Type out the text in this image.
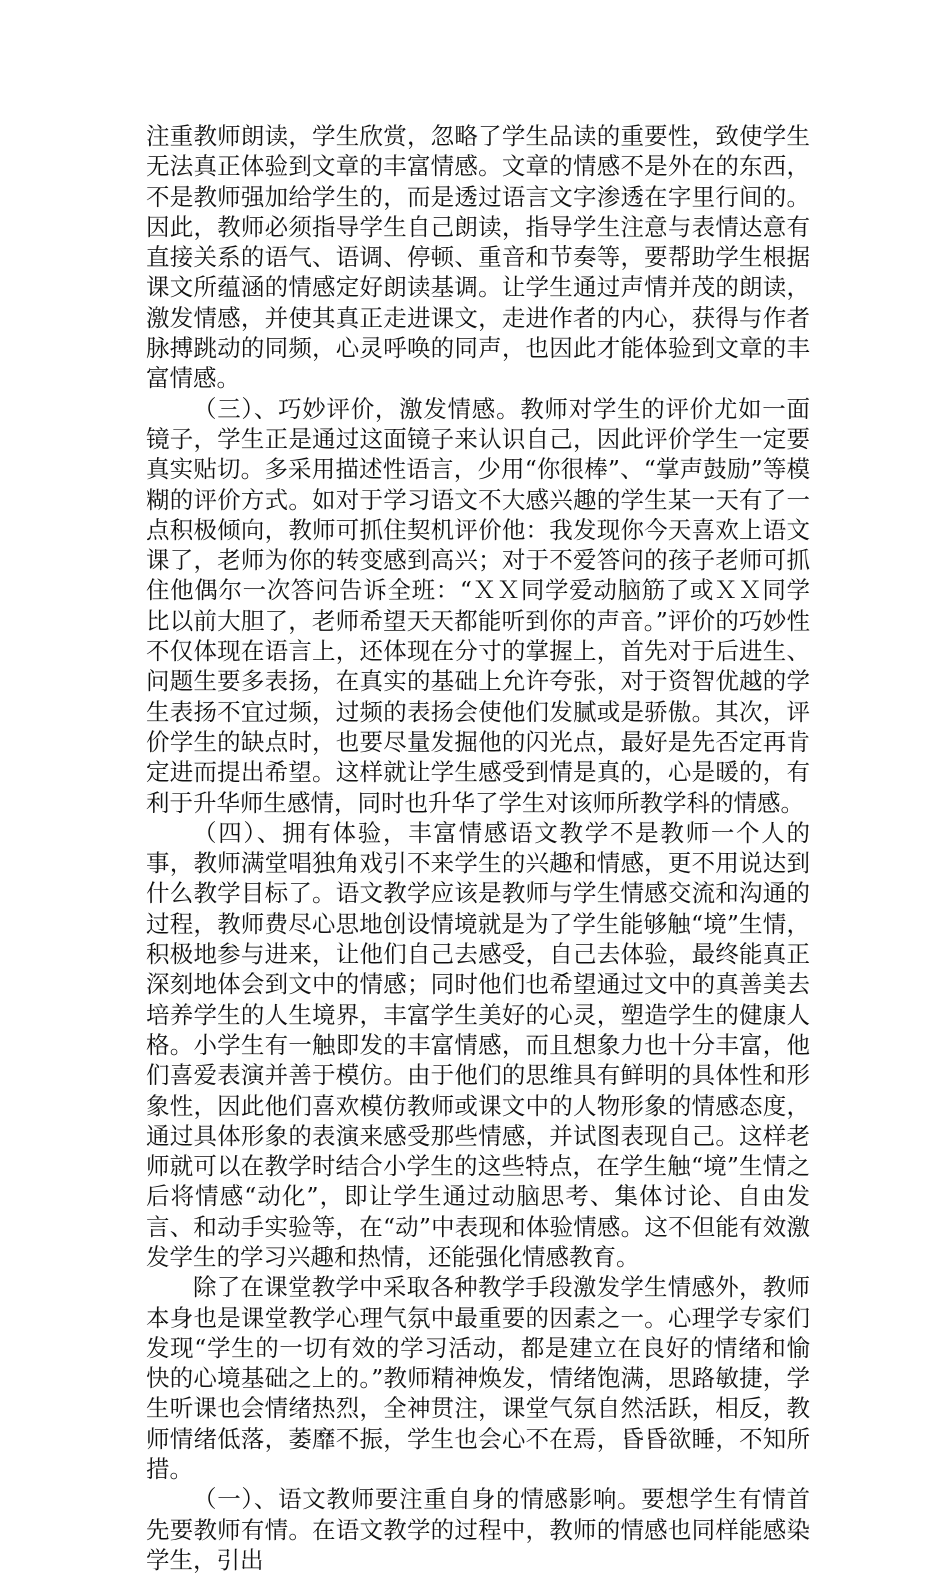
注重教师朗读，学生欣赏，忽略了学生品读的重要性，致使学生无法真正体验到文章的丰富情感。文章的情感不是外在的东西，不是教师强加给学生的，而是透过语言文字渗透在字里行间的。因此，教师必须指导学生自己朗读，指导学生注意与表情达意有直接关系的语气、语调、停顿、重音和节奏等，要帮助学生根据课文所蕴涵的情感定好朗读基调。让学生通过声情并茂的朗读，激发情感，并使其真正走进课文，走进作者的内心，获得与作者脉搏跳动的同频，心灵呼唤的同声，也因此才能体验到文章的丰富情感。

（三）、巧妙评价，激发情感。教师对学生的评价尤如一面镜子，学生正是通过这面镜子来认识自己，因此评价学生一定要真实贴切。多采用描述性语言，少用“你很棒”、“掌声鼓励”等模糊的评价方式。如对于学习语文不大感兴趣的学生某一天有了一点积极倾向，教师可抓住契机评价他：我发现你今天喜欢上语文课了，老师为你的转变感到高兴；对于不爱答问的孩子老师可抓住他偶尔一次答问告诉全班：“ＸＸ同学爱动脑筋了或ＸＸ同学比以前大胆了，老师希望天天都能听到你的声音。”评价的巧妙性不仅体现在语言上，还体现在分寸的掌握上，首先对于后进生、问题生要多表扬，在真实的基础上允许夸张，对于资智优越的学生表扬不宜过频，过频的表扬会使他们发腻或是骄傲。其次，评价学生的缺点时，也要尽量发掘他的闪光点，最好是先否定再肯定进而提出希望。这样就让学生感受到情是真的，心是暖的，有利于升华师生感情，同时也升华了学生对该师所教学科的情感。

（四）、拥有体验，丰富情感语文教学不是教师一个人的事，教师满堂唱独角戏引不来学生的兴趣和情感，更不用说达到什么教学目标了。语文教学应该是教师与学生情感交流和沟通的过程，教师费尽心思地创设情境就是为了学生能够触“境”生情，积极地参与进来，让他们自己去感受，自己去体验，最终能真正深刻地体会到文中的情感；同时他们也希望通过文中的真善美去培养学生的人生境界，丰富学生美好的心灵，塑造学生的健康人格。小学生有一触即发的丰富情感，而且想象力也十分丰富，他们喜爱表演并善于模仿。由于他们的思维具有鲜明的具体性和形象性，因此他们喜欢模仿教师或课文中的人物形象的情感态度，通过具体形象的表演来感受那些情感，并试图表现自己。这样老师就可以在教学时结合小学生的这些特点，在学生触“境”生情之后将情感“动化”，即让学生通过动脑思考、集体讨论、自由发言、和动手实验等，在“动”中表现和体验情感。这不但能有效激发学生的学习兴趣和热情，还能强化情感教育。

除了在课堂教学中采取各种教学手段激发学生情感外，教师本身也是课堂教学心理气氛中最重要的因素之一。心理学专家们发现“学生的一切有效的学习活动，都是建立在良好的情绪和愉快的心境基础之上的。”教师精神焕发，情绪饱满，思路敏捷，学生听课也会情绪热烈，全神贯注，课堂气氛自然活跃，相反，教师情绪低落，萎靡不振，学生也会心不在焉，昏昏欲睡，不知所措。

（一）、语文教师要注重自身的情感影响。要想学生有情首先要教师有情。在语文教学的过程中，教师的情感也同样能感染学生，引出
